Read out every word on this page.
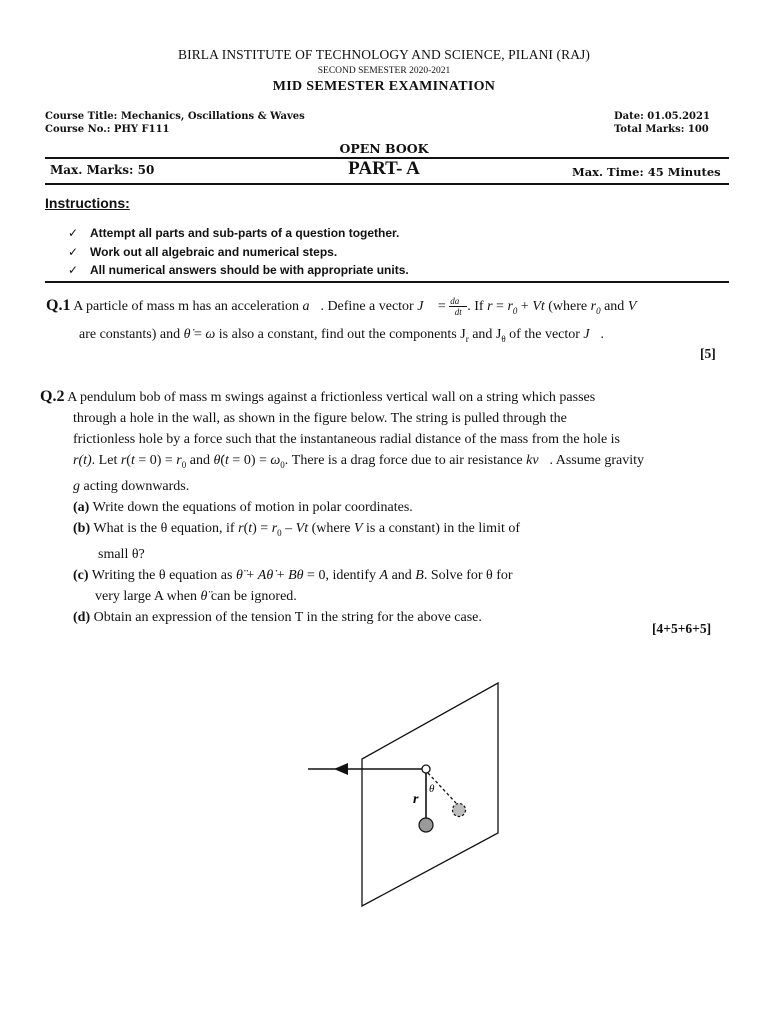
BIRLA INSTITUTE OF TECHNOLOGY AND SCIENCE, PILANI (RAJ)
SECOND SEMESTER 2020-2021
MID SEMESTER EXAMINATION
Course Title: Mechanics, Oscillations & Waves
Course No.: PHY F111
Date: 01.05.2021
Total Marks: 100
OPEN BOOK
Max. Marks: 50	PART- A	Max. Time: 45 Minutes
Instructions:
✓ Attempt all parts and sub-parts of a question together.
✓ Work out all algebraic and numerical steps.
✓ All numerical answers should be with appropriate units.
Q.1 A particle of mass m has an acceleration a⃗. Define a vector J⃗ = $\frac{da⃗}{dt}$ . If $r = r_0 + Vt$ (where $r_0$ and V
are constants) and θ̇ = ω is also a constant, find out the components $J_r$ and $J_\theta$ of the vector J⃗.
[5]
Q.2 A pendulum bob of mass m swings against a frictionless vertical wall on a string which passes
through a hole in the wall, as shown in the figure below. The string is pulled through the
frictionless hole by a force such that the instantaneous radial distance of the mass from the hole is
r(t). Let $r(t = 0) = r_0$ and θ̇(t = $0) = \omega_0$. There is a drag force due to air resistance kv⃗. Assume gravity
g acting downwards.
(a) Write down the equations of motion in polar coordinates.
(b) What is the θ equation, if $r(t) = r_0 - Vt$ (where V is a constant) in the limit of
small θ?
(c) Writing the θ equation as θ̈ + Aθ̇ + Bθ = 0, identify A and B. Solve for θ for
very large A when θ̈ can be ignored.
(d) Obtain an expression of the tension T in the string for the above case.
[4+5+6+5]
r
θ
